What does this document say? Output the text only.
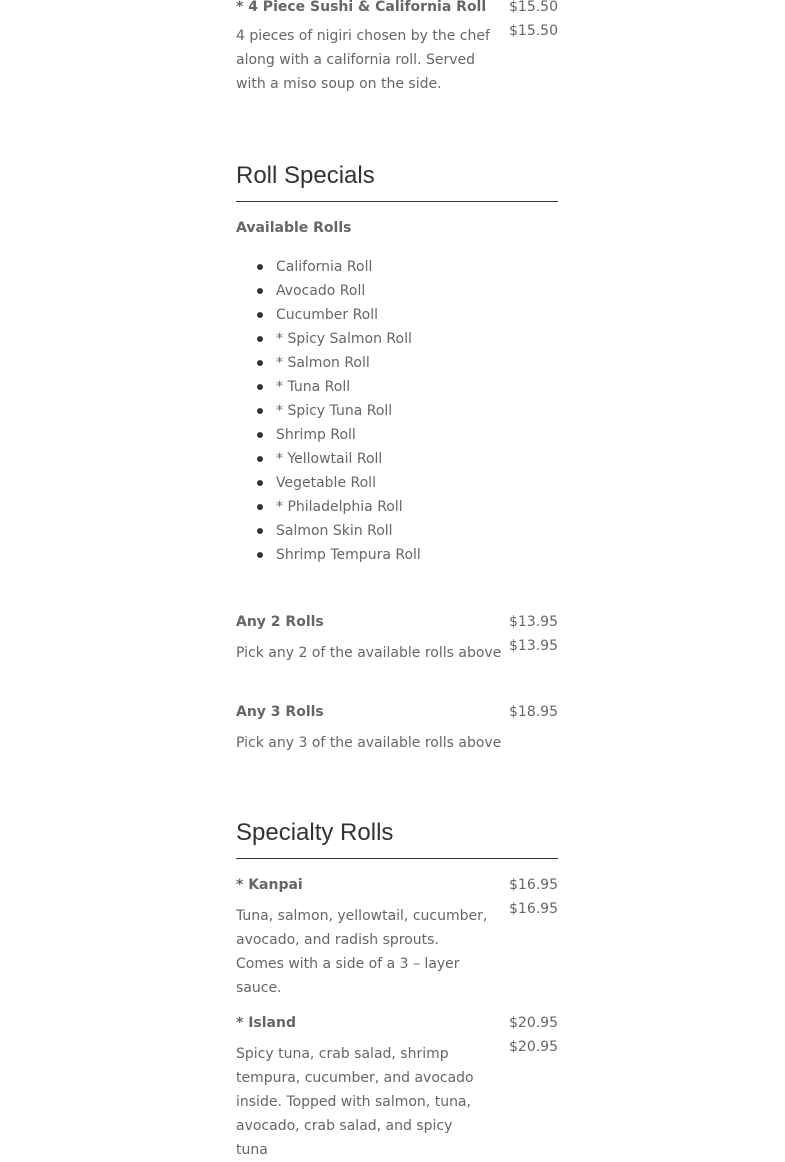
* 4 Piece Sushi & California Roll $15.50
$15.50
4 pieces of nigiri chosen by the chef along with a california roll. Served with a miso soup on the side.
Roll Specials
Available Rolls
California Roll
Avocado Roll
Cucumber Roll
* Spicy Salmon Roll
* Salmon Roll
* Tuna Roll
* Spicy Tuna Roll
Shrimp Roll
* Yellowtail Roll
Vegetable Roll
* Philadelphia Roll
Salmon Skin Roll
Shrimp Tempura Roll
Any 2 Rolls	$13.95
$13.95
Pick any 2 of the available rolls above
Any 3 Rolls	$18.95
Pick any 3 of the available rolls above
Specialty Rolls
* Kanpai	$16.95
$16.95
Tuna, salmon, yellowtail, cucumber, avocado, and radish sprouts. Comes with a side of a 3 – layer sauce.
* Island	$20.95
$20.95
Spicy tuna, crab salad, shrimp tempura, cucumber, and avocado inside. Topped with salmon, tuna, avocado, crab salad, and spicy tuna
